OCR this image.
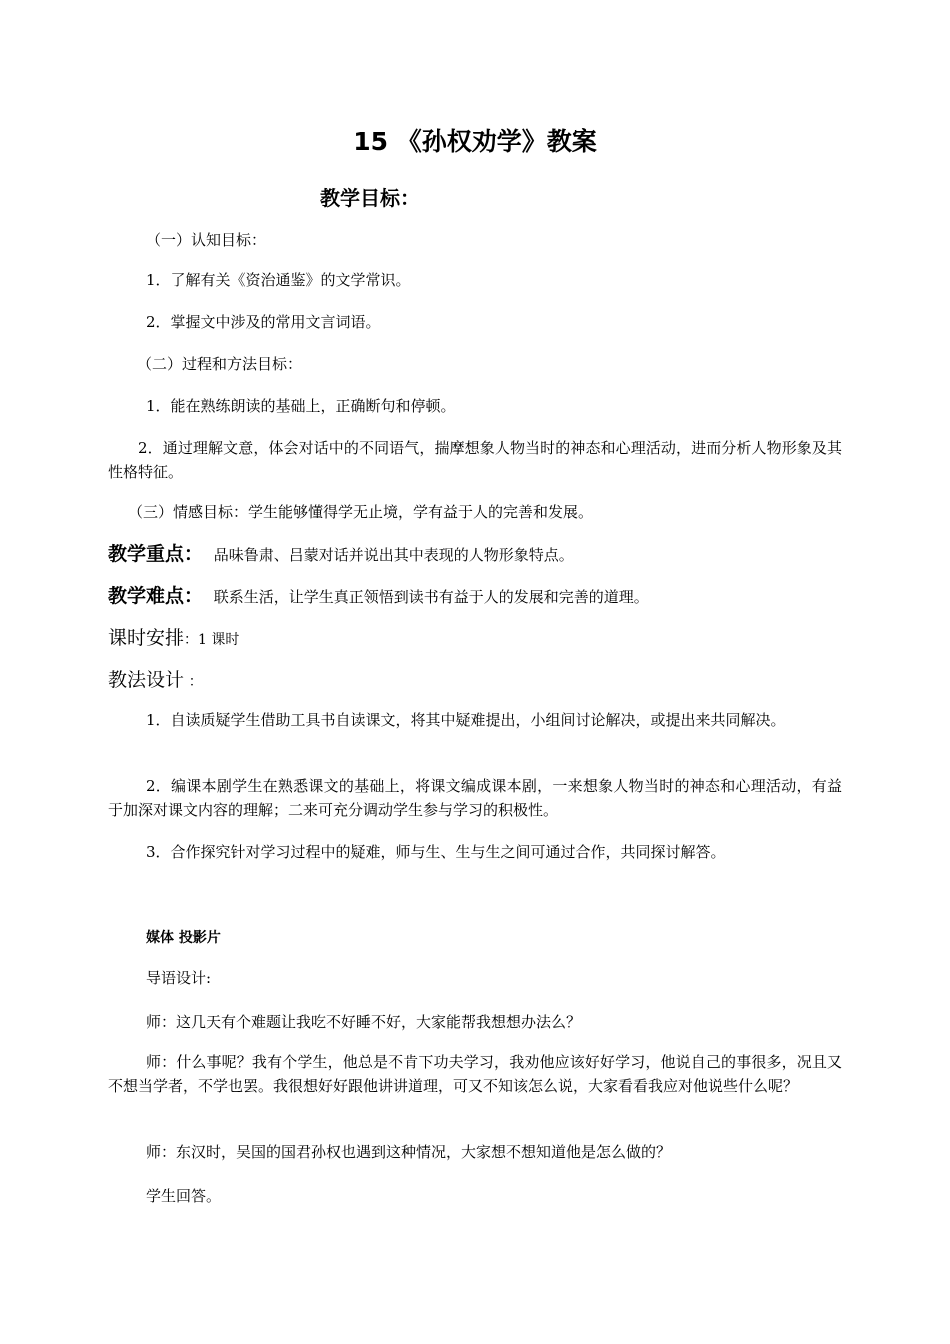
15 《孙权劝学》教案
教学目标：
（一）认知目标：
1．了解有关《资治通鉴》的文学常识。
2．掌握文中涉及的常用文言词语。
（二）过程和方法目标：
1．能在熟练朗读的基础上，正确断句和停顿。
2．通过理解文意，体会对话中的不同语气，揣摩想象人物当时的神态和心理活动，进而分析人物形象及其性格特征。
（三）情感目标：学生能够懂得学无止境，学有益于人的完善和发展。
教学重点： 品味鲁肃、吕蒙对话并说出其中表现的人物形象特点。
教学难点： 联系生活，让学生真正领悟到读书有益于人的发展和完善的道理。
课时安排：1 课时
教法设计 ：
1．自读质疑学生借助工具书自读课文，将其中疑难提出，小组间讨论解决，或提出来共同解决。
2．编课本剧学生在熟悉课文的基础上，将课文编成课本剧，一来想象人物当时的神态和心理活动，有益于加深对课文内容的理解；二来可充分调动学生参与学习的积极性。
3．合作探究针对学习过程中的疑难，师与生、生与生之间可通过合作，共同探讨解答。
媒体 投影片
导语设计:
师：这几天有个难题让我吃不好睡不好，大家能帮我想想办法么？
师：什么事呢？我有个学生，他总是不肯下功夫学习，我劝他应该好好学习，他说自己的事很多，况且又不想当学者，不学也罢。我很想好好跟他讲讲道理，可又不知该怎么说，大家看看我应对他说些什么呢？
师：东汉时，吴国的国君孙权也遇到这种情况，大家想不想知道他是怎么做的？
学生回答。
